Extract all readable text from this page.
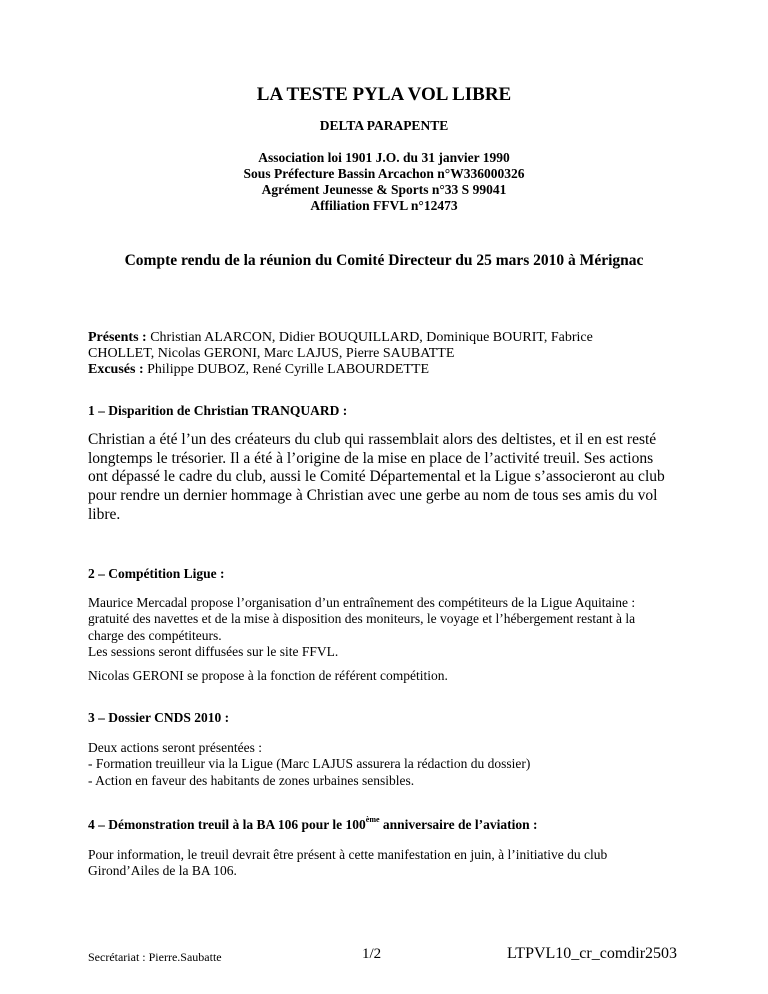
LA TESTE PYLA VOL LIBRE
DELTA PARAPENTE
Association loi 1901 J.O. du 31 janvier 1990
Sous Préfecture Bassin Arcachon n°W336000326
Agrément Jeunesse & Sports n°33 S 99041
Affiliation FFVL n°12473
Compte rendu de la réunion du Comité Directeur du 25 mars 2010 à Mérignac
Présents : Christian ALARCON, Didier BOUQUILLARD, Dominique BOURIT, Fabrice
CHOLLET, Nicolas GERONI, Marc LAJUS, Pierre SAUBATTE
Excusés : Philippe DUBOZ, René Cyrille LABOURDETTE
1 – Disparition de Christian TRANQUARD :
Christian a été l’un des créateurs du club qui rassemblait alors des deltistes, et il en est resté
longtemps le trésorier. Il a été à l’origine de la mise en place de l’activité treuil. Ses actions
ont dépassé le cadre du club, aussi le Comité Départemental et la Ligue s’associeront au club
pour rendre un dernier hommage à Christian avec une gerbe au nom de tous ses amis du vol
libre.
2 – Compétition Ligue :
Maurice Mercadal propose l’organisation d’un entraînement des compétiteurs de la Ligue Aquitaine :
gratuité des navettes et de la mise à disposition des moniteurs, le voyage et l’hébergement restant à la
charge des compétiteurs.
Les sessions seront diffusées sur le site FFVL.
Nicolas GERONI se propose à la fonction de référent compétition.
3 – Dossier CNDS 2010 :
Deux actions seront présentées :
- Formation treuilleur via la Ligue (Marc LAJUS assurera la rédaction du dossier)
- Action en faveur des habitants de zones urbaines sensibles.
4 – Démonstration treuil à la BA 106 pour le 100ème anniversaire de l’aviation :
Pour information, le treuil devrait être présent à cette manifestation en juin, à l’initiative du club
Girond’Ailes de la BA 106.
Secrétariat : Pierre.Saubatte	1/2	LTPVL10_cr_comdir2503
